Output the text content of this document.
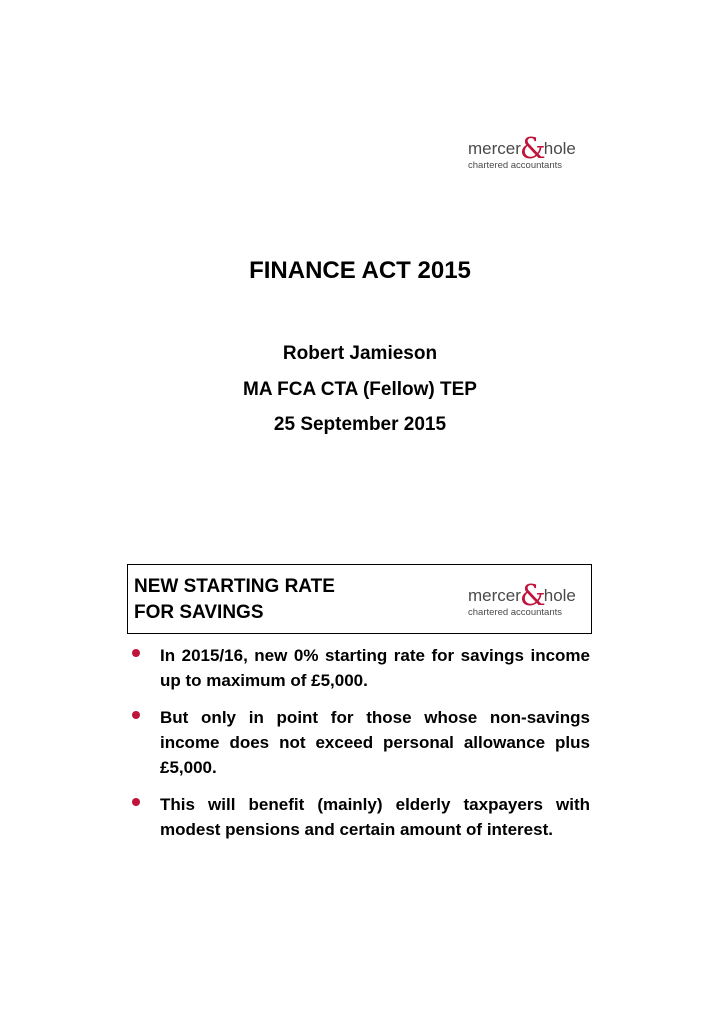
mercer&hole
chartered accountants
FINANCE ACT 2015
Robert Jamieson
MA FCA CTA (Fellow) TEP
25 September 2015
NEW STARTING RATE
FOR SAVINGS
mercer&hole
chartered accountants
In 2015/16, new 0% starting rate for savings income up to maximum of £5,000.
But only in point for those whose non-savings income does not exceed personal allowance plus £5,000.
This will benefit (mainly) elderly taxpayers with modest pensions and certain amount of interest.
